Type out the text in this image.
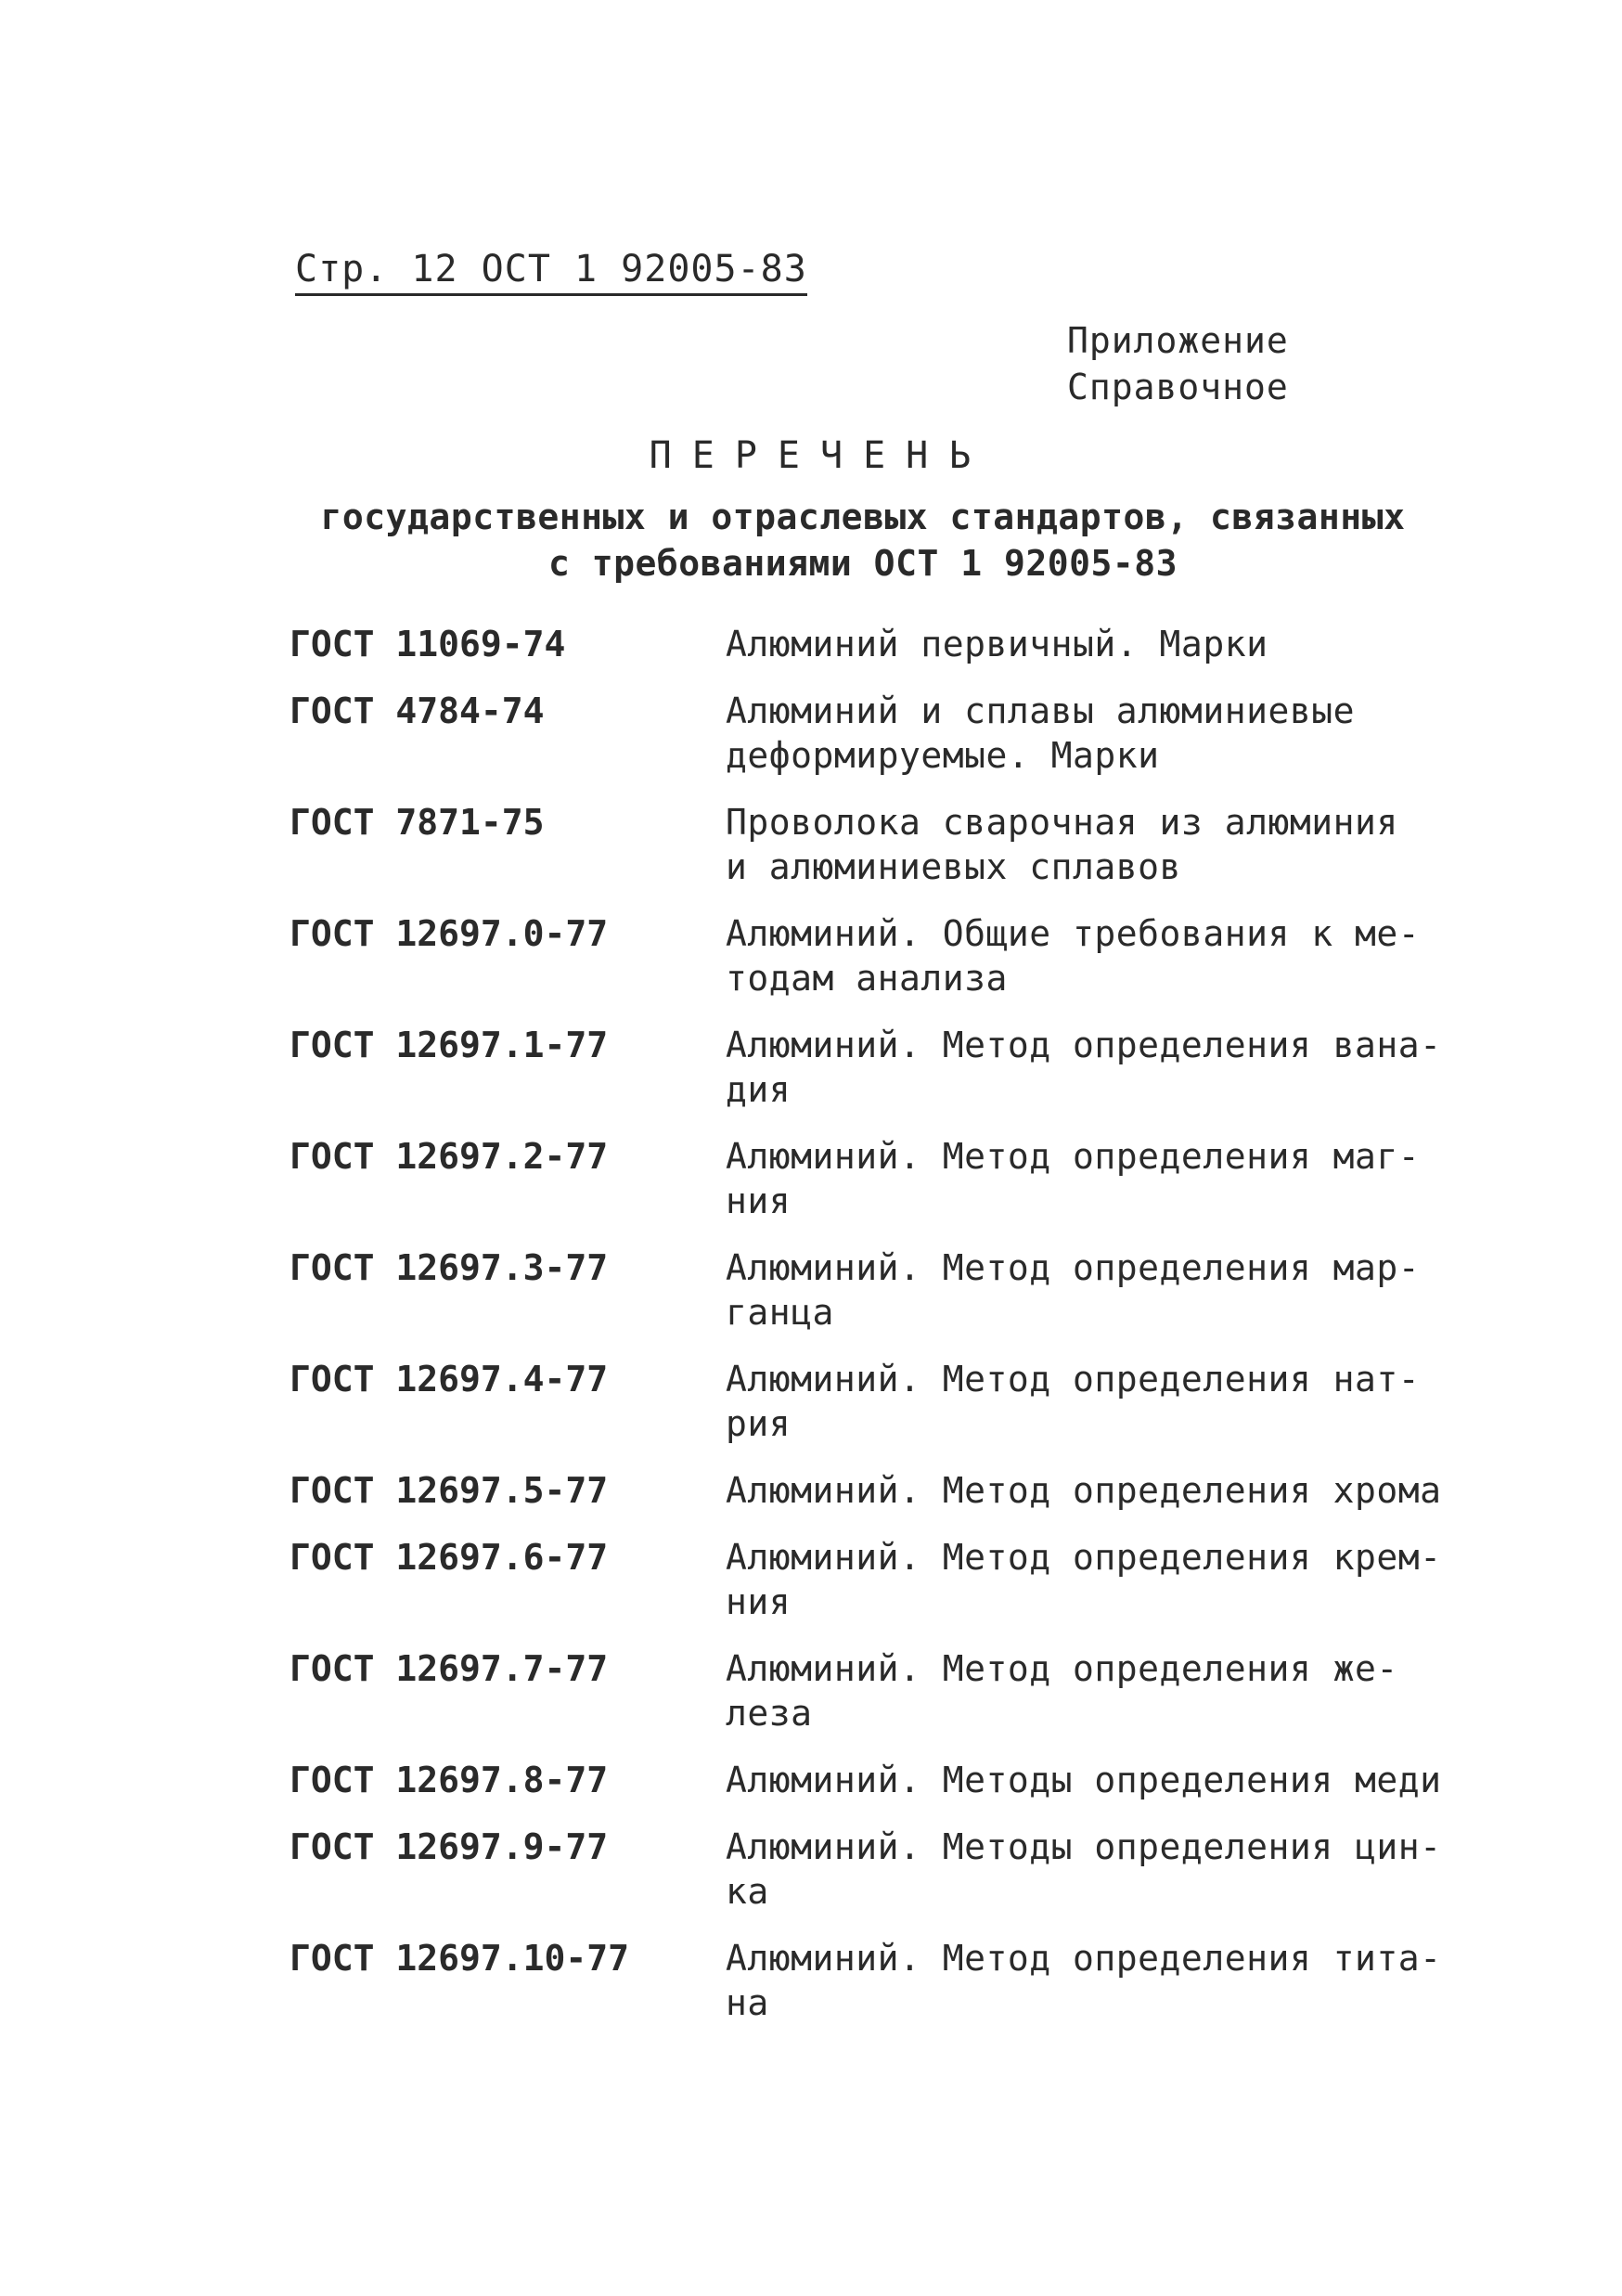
Стр. 12 ОСТ 1 92005-83
Приложение
Справочное
ПЕРЕЧЕНЬ
государственных и отраслевых стандартов, связанных
с требованиями ОСТ 1 92005-83
ГОСТ 11069-74	Алюминий первичный. Марки
ГОСТ 4784-74	Алюминий и сплавы алюминиевые
деформируемые. Марки
ГОСТ 7871-75	Проволока сварочная из алюминия
и алюминиевых сплавов
ГОСТ 12697.0-77	Алюминий. Общие требования к ме-
тодам анализа
ГОСТ 12697.1-77	Алюминий. Метод определения вана-
дия
ГОСТ 12697.2-77	Алюминий. Метод определения маг-
ния
ГОСТ 12697.3-77	Алюминий. Метод определения мар-
ганца
ГОСТ 12697.4-77	Алюминий. Метод определения нат-
рия
ГОСТ 12697.5-77	Алюминий. Метод определения хрома
ГОСТ 12697.6-77	Алюминий. Метод определения крем-
ния
ГОСТ 12697.7-77	Алюминий. Метод определения же-
леза
ГОСТ 12697.8-77	Алюминий. Методы определения меди
ГОСТ 12697.9-77	Алюминий. Методы определения цин-
ка
ГОСТ 12697.10-77	Алюминий. Метод определения тита-
на
